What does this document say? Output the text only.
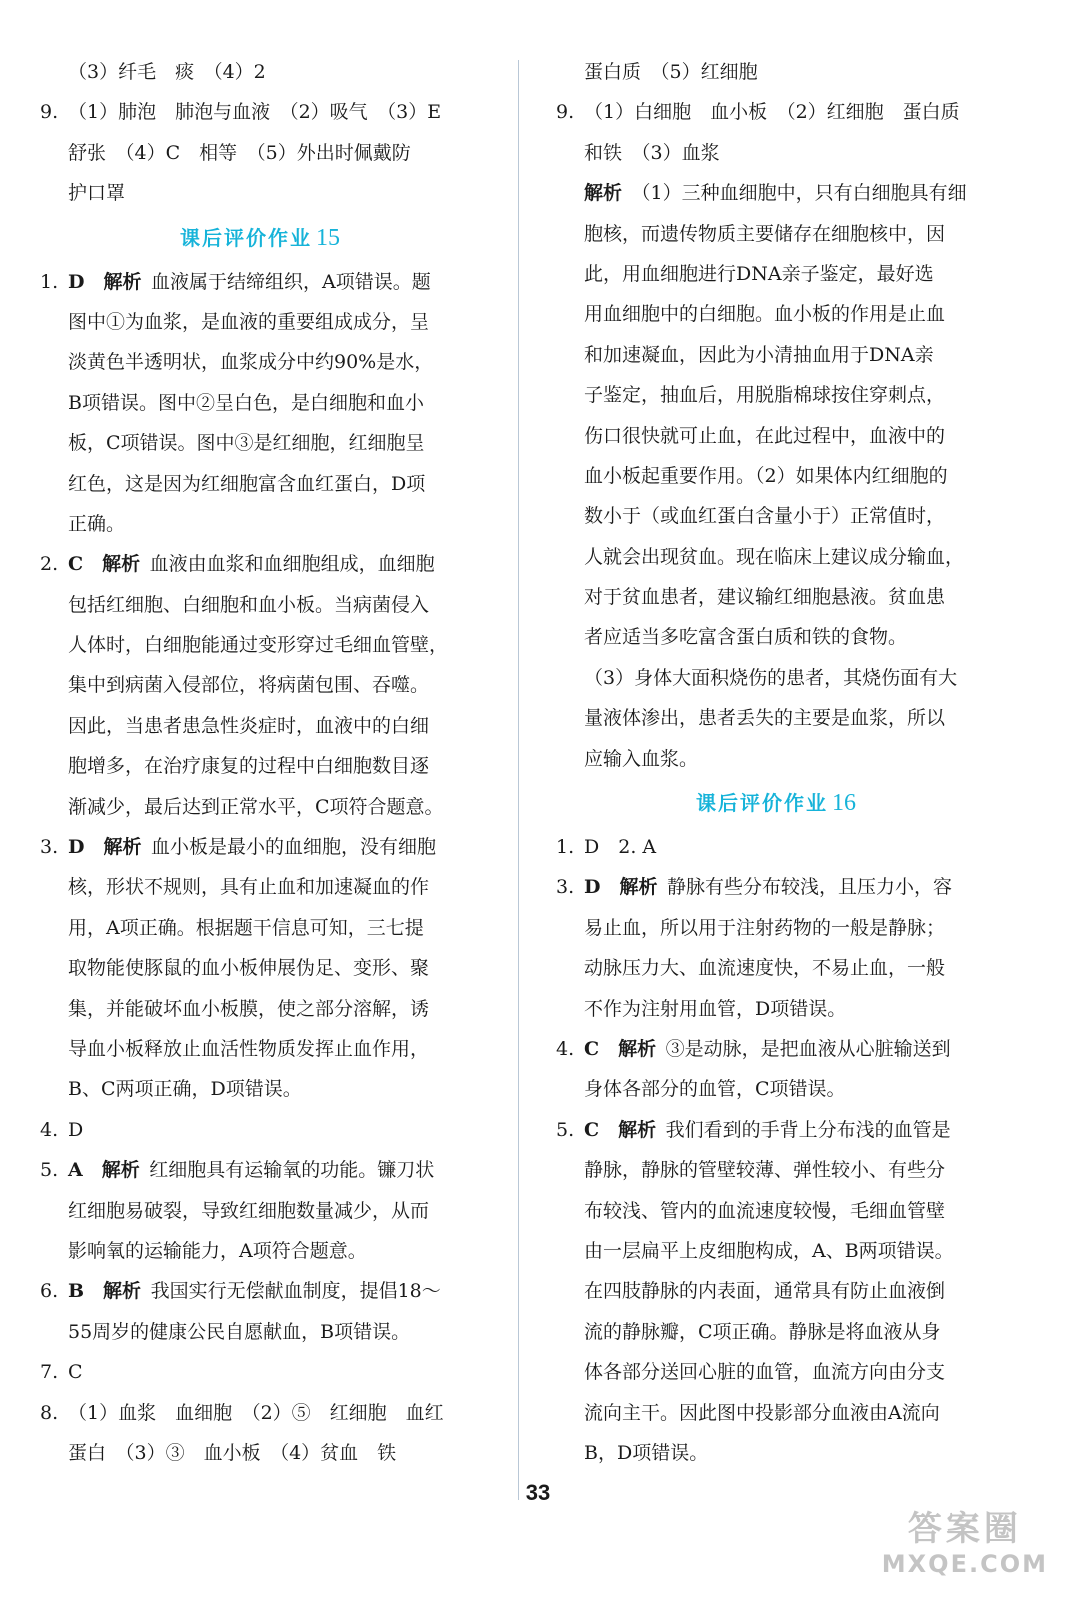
（3）纤毛　痰　（4）2
9. （1）肺泡　肺泡与血液　（2）吸气　（3）E
舒张　（4）C　相等　（5）外出时佩戴防
护口罩
课后评价作业 15
1. D　解析  血液属于结缔组织，A项错误。题
图中①为血浆，是血液的重要组成成分，呈
淡黄色半透明状，血浆成分中约90%是水，
B项错误。图中②呈白色，是白细胞和血小
板，C项错误。图中③是红细胞，红细胞呈
红色，这是因为红细胞富含血红蛋白，D项
正确。
2. C　解析  血液由血浆和血细胞组成，血细胞
包括红细胞、白细胞和血小板。当病菌侵入
人体时，白细胞能通过变形穿过毛细血管壁，
集中到病菌入侵部位，将病菌包围、吞噬。
因此，当患者患急性炎症时，血液中的白细
胞增多，在治疗康复的过程中白细胞数目逐
渐减少，最后达到正常水平，C项符合题意。
3. D　解析  血小板是最小的血细胞，没有细胞
核，形状不规则，具有止血和加速凝血的作
用，A项正确。根据题干信息可知，三七提
取物能使豚鼠的血小板伸展伪足、变形、聚
集，并能破坏血小板膜，使之部分溶解，诱
导血小板释放止血活性物质发挥止血作用，
B、C两项正确，D项错误。
4. D
5. A　解析  红细胞具有运输氧的功能。镰刀状
红细胞易破裂，导致红细胞数量减少，从而
影响氧的运输能力，A项符合题意。
6. B　解析  我国实行无偿献血制度，提倡18～
55周岁的健康公民自愿献血，B项错误。
7. C
8. （1）血浆　血细胞　（2）⑤　红细胞　血红
蛋白　（3）③　血小板　（4）贫血　铁
蛋白质　（5）红细胞
9. （1）白细胞　血小板　（2）红细胞　蛋白质
和铁　（3）血浆
解析  （1）三种血细胞中，只有白细胞具有细
胞核，而遗传物质主要储存在细胞核中，因
此，用血细胞进行DNA亲子鉴定，最好选
用血细胞中的白细胞。血小板的作用是止血
和加速凝血，因此为小清抽血用于DNA亲
子鉴定，抽血后，用脱脂棉球按住穿刺点，
伤口很快就可止血，在此过程中，血液中的
血小板起重要作用。（2）如果体内红细胞的
数小于（或血红蛋白含量小于）正常值时，
人就会出现贫血。现在临床上建议成分输血，
对于贫血患者，建议输红细胞悬液。贫血患
者应适当多吃富含蛋白质和铁的食物。
（3）身体大面积烧伤的患者，其烧伤面有大
量液体渗出，患者丢失的主要是血浆，所以
应输入血浆。
课后评价作业 16
1. D　2. A
3. D　解析  静脉有些分布较浅，且压力小，容
易止血，所以用于注射药物的一般是静脉；
动脉压力大、血流速度快，不易止血，一般
不作为注射用血管，D项错误。
4. C　解析  ③是动脉，是把血液从心脏输送到
身体各部分的血管，C项错误。
5. C　解析  我们看到的手背上分布浅的血管是
静脉，静脉的管壁较薄、弹性较小、有些分
布较浅、管内的血流速度较慢，毛细血管壁
由一层扁平上皮细胞构成，A、B两项错误。
在四肢静脉的内表面，通常具有防止血液倒
流的静脉瓣，C项正确。静脉是将血液从身
体各部分送回心脏的血管，血流方向由分支
流向主干。因此图中投影部分血液由A流向
B，D项错误。
33
答案圈
MXQE.COM
